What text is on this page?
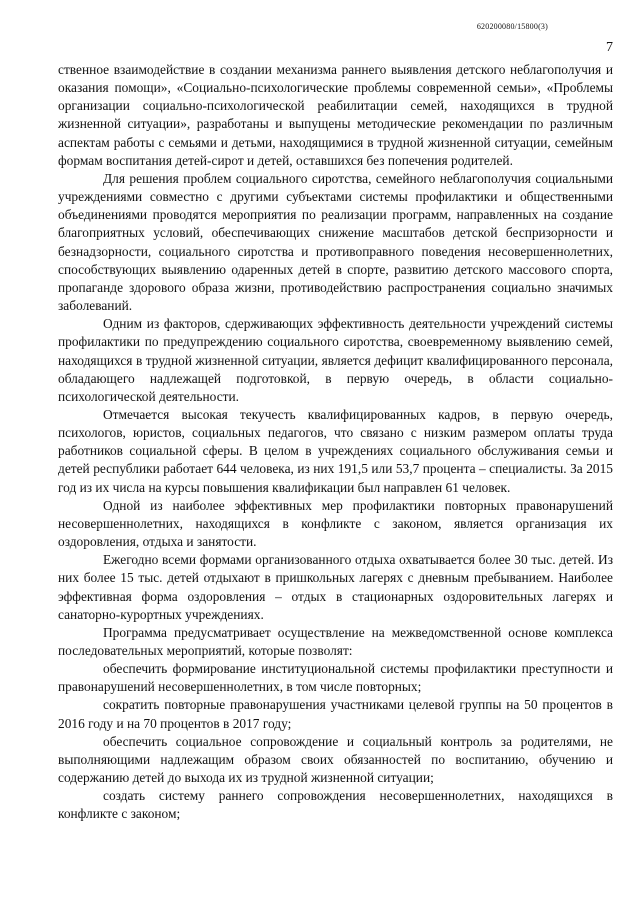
620200080/15800(3)
7

ственное взаимодействие в создании механизма раннего выявления детского неблагополучия и оказания помощи», «Социально-психологические проблемы современной семьи», «Проблемы организации социально-психологической реабилитации семей, находящихся в трудной жизненной ситуации», разработаны и выпущены методические рекомендации по различным аспектам работы с семьями и детьми, находящимися в трудной жизненной ситуации, семейным формам воспитания детей-сирот и детей, оставшихся без попечения родителей.

Для решения проблем социального сиротства, семейного неблагополучия социальными учреждениями совместно с другими субъектами системы профилактики и общественными объединениями проводятся мероприятия по реализации программ, направленных на создание благоприятных условий, обеспечивающих снижение масштабов детской беспризорности и безнадзорности, социального сиротства и противоправного поведения несовершеннолетних, способствующих выявлению одаренных детей в спорте, развитию детского массового спорта, пропаганде здорового образа жизни, противодействию распространения социально значимых заболеваний.

Одним из факторов, сдерживающих эффективность деятельности учреждений системы профилактики по предупреждению социального сиротства, своевременному выявлению семей, находящихся в трудной жизненной ситуации, является дефицит квалифицированного персонала, обладающего надлежащей подготовкой, в первую очередь, в области социально-психологической деятельности.

Отмечается высокая текучесть квалифицированных кадров, в первую очередь, психологов, юристов, социальных педагогов, что связано с низким размером оплаты труда работников социальной сферы. В целом в учреждениях социального обслуживания семьи и детей республики работает 644 человека, из них 191,5 или 53,7 процента – специалисты. За 2015 год из их числа на курсы повышения квалификации был направлен 61 человек.

Одной из наиболее эффективных мер профилактики повторных правонарушений несовершеннолетних, находящихся в конфликте с законом, является организация их оздоровления, отдыха и занятости.

Ежегодно всеми формами организованного отдыха охватывается более 30 тыс. детей. Из них более 15 тыс. детей отдыхают в пришкольных лагерях с дневным пребыванием. Наиболее эффективная форма оздоровления – отдых в стационарных оздоровительных лагерях и санаторно-курортных учреждениях.

Программа предусматривает осуществление на межведомственной основе комплекса последовательных мероприятий, которые позволят:

обеспечить формирование институциональной системы профилактики преступности и правонарушений несовершеннолетних, в том числе повторных;

сократить повторные правонарушения участниками целевой группы на 50 процентов в 2016 году и на 70 процентов в 2017 году;

обеспечить социальное сопровождение и социальный контроль за родителями, не выполняющими надлежащим образом своих обязанностей по воспитанию, обучению и содержанию детей до выхода их из трудной жизненной ситуации;

создать систему раннего сопровождения несовершеннолетних, находящихся в конфликте с законом;
